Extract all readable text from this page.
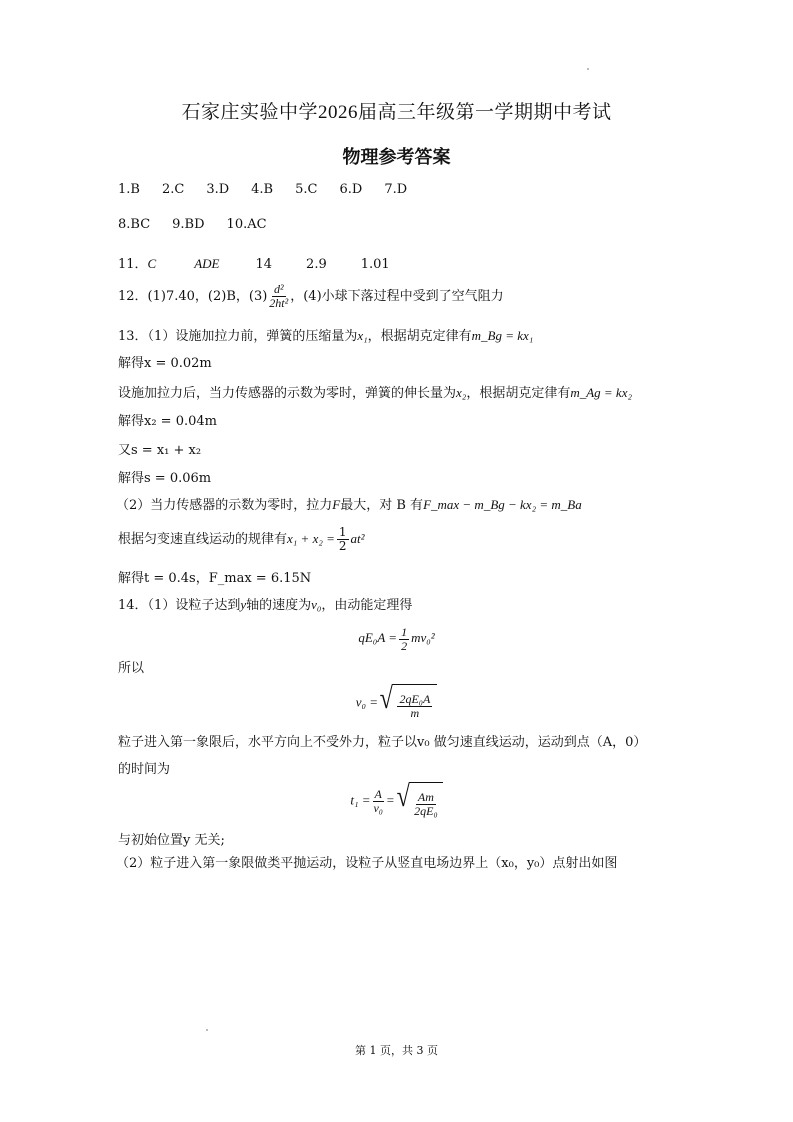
石家庄实验中学2026届高三年级第一学期期中考试
物理参考答案
1.B 2.C 3.D 4.B 5.C 6.D 7.D
8.BC 9.BD 10.AC
11．C	ADE	14	2.9	1.01
12．(1)7.40，(2)B，$(3) \frac{\text{d²}}{\text{2ht²}}$ ，(4)小球下落过程中受到了空气阻力
13．（1）设施加拉力前，弹簧的压缩量为x₁，根据胡克定律有m_Bg = kx₁
解得x = 0.02m
设施加拉力后，当力传感器的示数为零时，弹簧的伸长量为x₂，根据胡克定律有m_Ag = kx₂
解得x₂ = 0.04m
又s = x₁ + x₂
解得s = 0.06m
（2）当力传感器的示数为零时，拉力F最大，对 B 有F_max − m_Bg − kx₂ = m_Ba
根据匀变速直线运动的规律有$x_1 + x_2 = \frac{1}{2} at^2$
解得t = 0.4s，F_max = 6.15N
14．（1）设粒子达到y轴的速度为v₀，由动能定理得
$qE_0A = \frac{1}{2} mv_0^2$
所以
v₀ = √ $\frac{\text{2qE₀A}}{m}$
粒子进入第一象限后，水平方向上不受外力，粒子以v₀ 做匀速直线运动，运动到点（A，0）
的时间为
$t_1 = \frac{A}{\text{v₀}}$ = √ $\frac{Am}{\text{2qE₀}}$
与初始位置y 无关;
（2）粒子进入第一象限做类平抛运动，设粒子从竖直电场边界上（x₀，y₀）点射出如图
第 1 页，共 3 页
